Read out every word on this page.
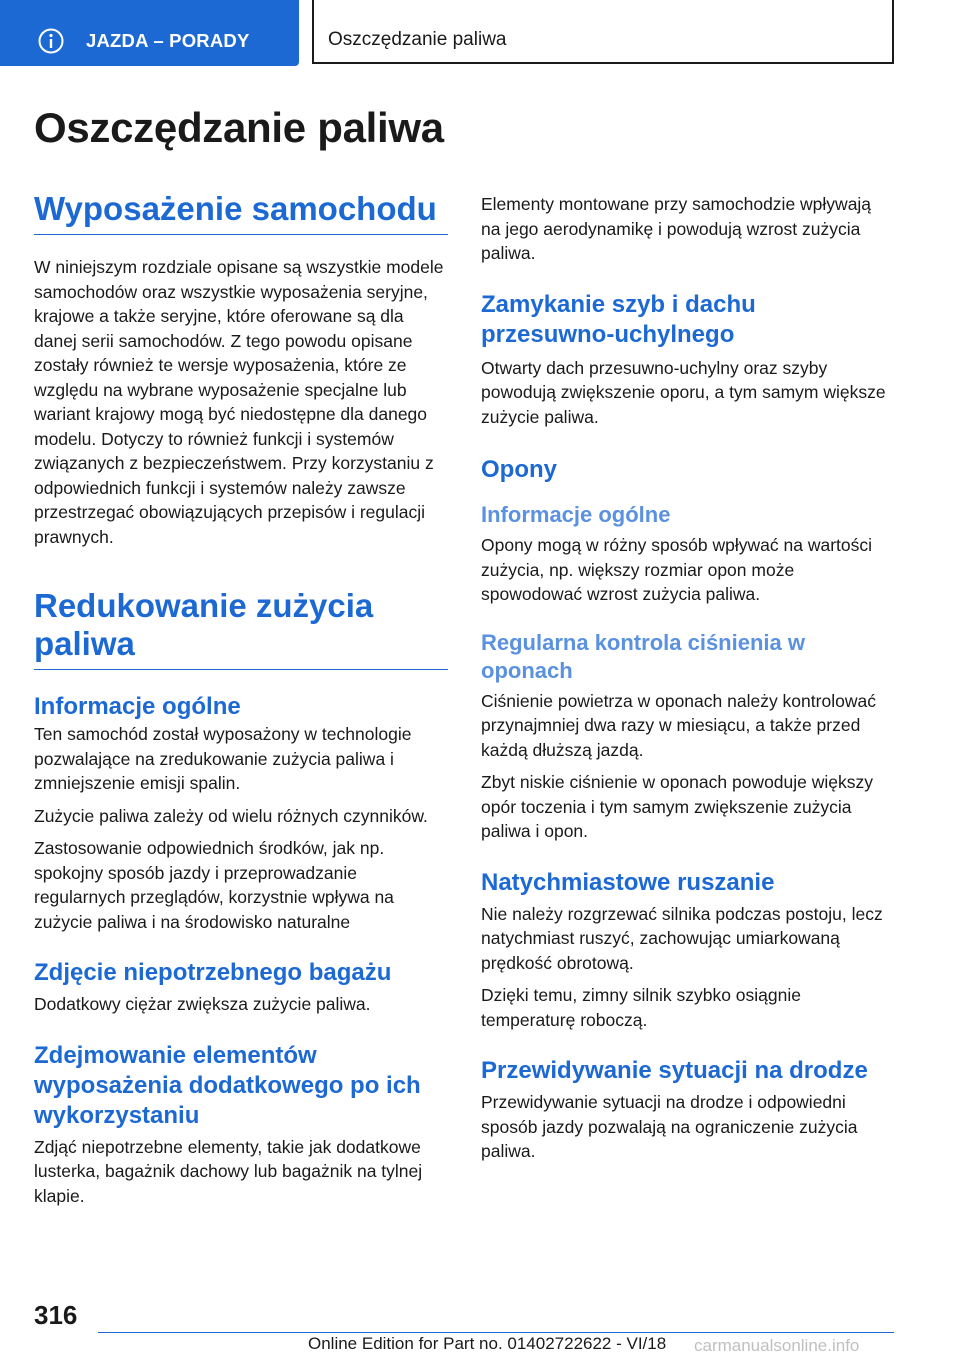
JAZDA – PORADY	Oszczędzanie paliwa
Oszczędzanie paliwa
Wyposażenie samochodu

W niniejszym rozdziale opisane są wszystkie modele samochodów oraz wszystkie wyposażenia seryjne, krajowe a także seryjne, które oferowane są dla danej serii samochodów. Z tego powodu opisane zostały również te wersje wyposażenia, które ze względu na wybrane wyposażenie specjalne lub wariant krajowy mogą być niedostępne dla danego modelu. Dotyczy to również funkcji i systemów związanych z bezpieczeństwem. Przy korzystaniu z odpowiednich funkcji i systemów należy zawsze przestrzegać obowiązujących przepisów i regulacji prawnych.

Redukowanie zużycia paliwa
Informacje ogólne

Ten samochód został wyposażony w technologie pozwalające na zredukowanie zużycia paliwa i zmniejszenie emisji spalin.

Zużycie paliwa zależy od wielu różnych czynników.

Zastosowanie odpowiednich środków, jak np. spokojny sposób jazdy i przeprowadzanie regularnych przeglądów, korzystnie wpływa na zużycie paliwa i na środowisko naturalne

Zdjęcie niepotrzebnego bagażu

Dodatkowy ciężar zwiększa zużycie paliwa.

Zdejmowanie elementów wyposażenia dodatkowego po ich wykorzystaniu

Zdjąć niepotrzebne elementy, takie jak dodatkowe lusterka, bagażnik dachowy lub bagażnik na tylnej klapie.

Elementy montowane przy samochodzie wpływają na jego aerodynamikę i powodują wzrost zużycia paliwa.

Zamykanie szyb i dachu przesuwno-uchylnego

Otwarty dach przesuwno-uchylny oraz szyby powodują zwiększenie oporu, a tym samym większe zużycie paliwa.

Opony
Informacje ogólne

Opony mogą w różny sposób wpływać na wartości zużycia, np. większy rozmiar opon może spowodować wzrost zużycia paliwa.

Regularna kontrola ciśnienia w oponach

Ciśnienie powietrza w oponach należy kontrolować przynajmniej dwa razy w miesiącu, a także przed każdą dłuższą jazdą.

Zbyt niskie ciśnienie w oponach powoduje większy opór toczenia i tym samym zwiększenie zużycia paliwa i opon.

Natychmiastowe ruszanie

Nie należy rozgrzewać silnika podczas postoju, lecz natychmiast ruszyć, zachowując umiarkowaną prędkość obrotową.

Dzięki temu, zimny silnik szybko osiągnie temperaturę roboczą.

Przewidywanie sytuacji na drodze

Przewidywanie sytuacji na drodze i odpowiedni sposób jazdy pozwalają na ograniczenie zużycia paliwa.

316
Online Edition for Part no. 01402722622 - VI/18 carmanualsonline.info
